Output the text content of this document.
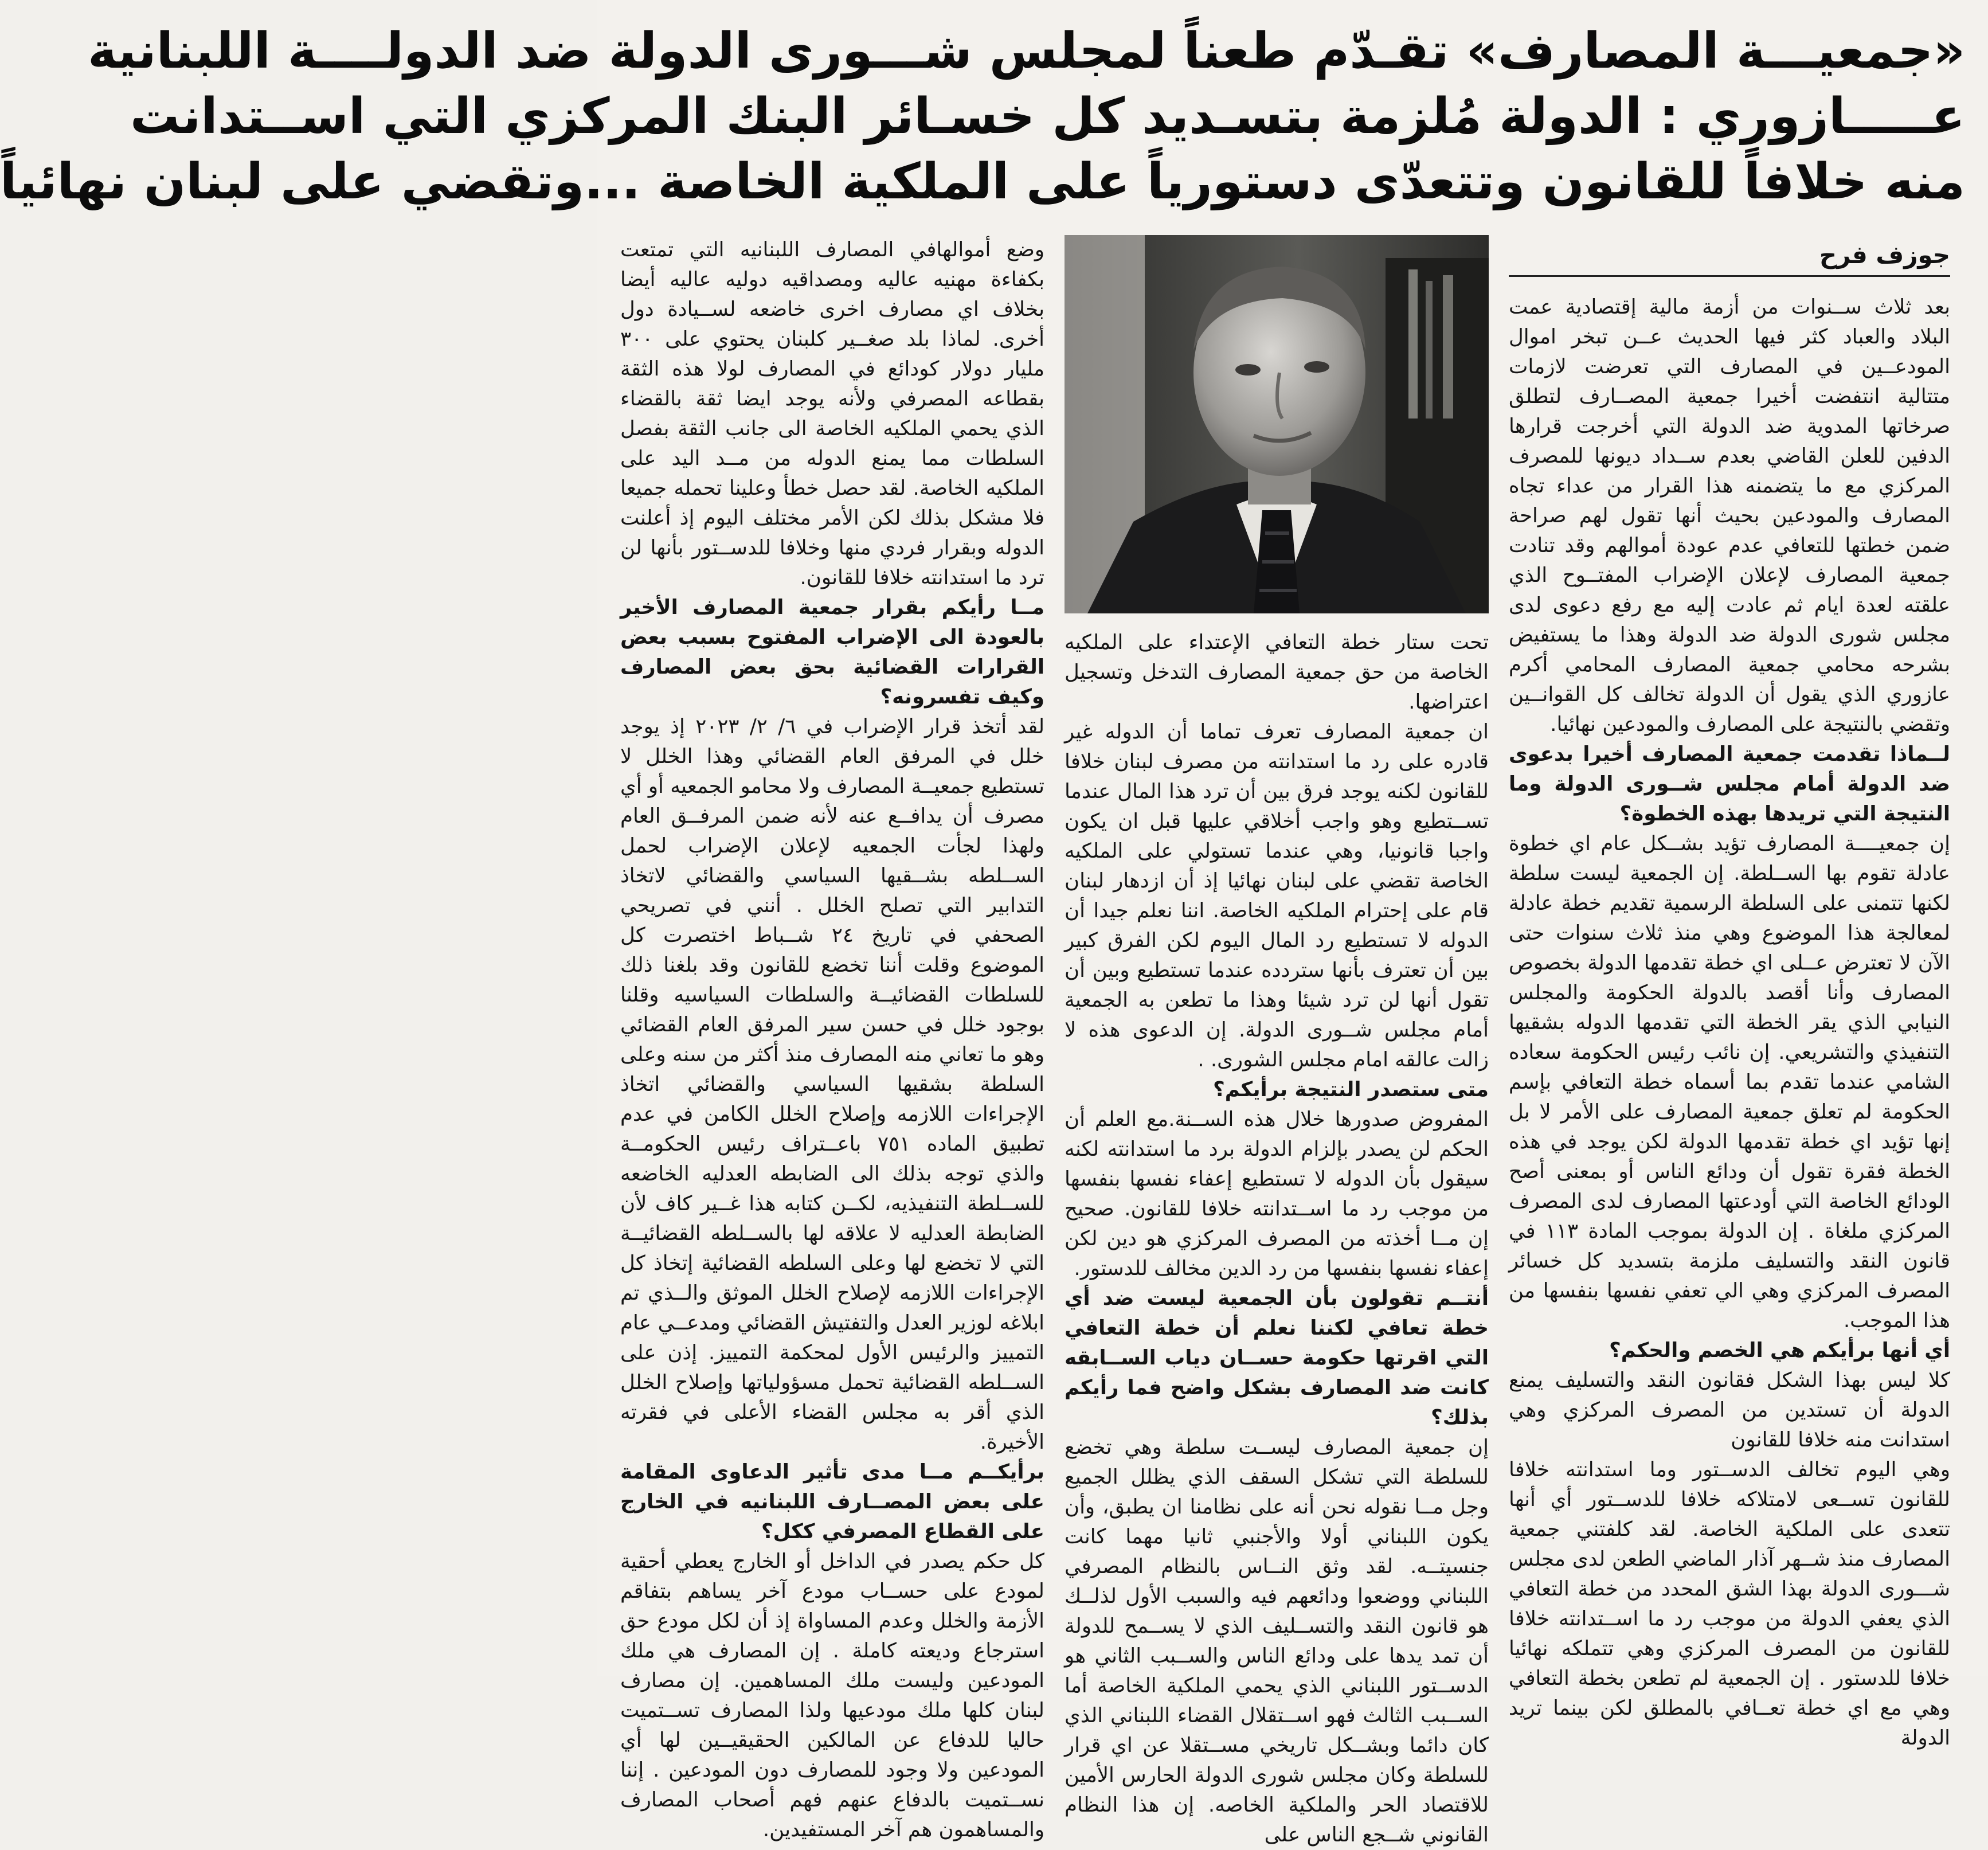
«جمعيـــة المصارف» تقـدّم طعناً لمجلس شـــورى الدولة ضد الدولــــة اللبنانية
عـــــازوري : الدولة مُلزمة بتسـديد كل خسـائر البنك المركزي التي اســتدانت
منه خلافاً للقانون وتتعدّى دستورياً على الملكية الخاصة ...وتقضي على لبنان نهائياً
جوزف فرح

بعد ثلاث ســنوات من أزمة مالية إقتصادية عمت البلاد والعباد كثر فيها الحديث عــن تبخر اموال المودعــين في المصارف التي تعرضت لازمات متتالية انتفضت أخيرا جمعية المصــارف لتطلق صرخاتها المدوية ضد الدولة التي أخرجت قرارها الدفين للعلن القاضي بعدم ســداد ديونها للمصرف المركزي مع ما يتضمنه هذا القرار من عداء تجاه المصارف والمودعين بحيث أنها تقول لهم صراحة ضمن خطتها للتعافي عدم عودة أموالهم وقد تنادت جمعية المصارف لإعلان الإضراب المفتــوح الذي علقته لعدة ايام ثم عادت إليه مع رفع دعوى لدى مجلس شورى الدولة ضد الدولة وهذا ما يستفيض بشرحه محامي جمعية المصارف المحامي أكرم عازوري الذي يقول أن الدولة تخالف كل القوانــين وتقضي بالنتيجة على المصارف والمودعين نهائيا.

لــماذا تقدمت جمعية المصارف أخيرا بدعوى ضد الدولة أمام مجلس شــورى الدولة وما النتيجة التي تريدها بهذه الخطوة؟

إن جمعيــــة المصارف تؤيد بشــكل عام اي خطوة عادلة تقوم بها الســلطة. إن الجمعية ليست سلطة لكنها تتمنى على السلطة الرسمية تقديم خطة عادلة لمعالجة هذا الموضوع وهي منذ ثلاث سنوات حتى الآن لا تعترض عــلى اي خطة تقدمها الدولة بخصوص المصارف وأنا أقصد بالدولة الحكومة والمجلس النيابي الذي يقر الخطة التي تقدمها الدوله بشقيها التنفيذي والتشريعي. إن نائب رئيس الحكومة سعاده الشامي عندما تقدم بما أسماه خطة التعافي بإسم الحكومة لم تعلق جمعية المصارف على الأمر لا بل إنها تؤيد اي خطة تقدمها الدولة لكن يوجد في هذه الخطة فقرة تقول أن ودائع الناس أو بمعنى أصح الودائع الخاصة التي أودعتها المصارف لدى المصرف المركزي ملغاة . إن الدولة بموجب المادة ١١٣ في قانون النقد والتسليف ملزمة بتسديد كل خسائر المصرف المركزي وهي الي تعفي نفسها بنفسها من هذا الموجب.

أي أنها برأيكم هي الخصم والحكم؟

كلا ليس بهذا الشكل فقانون النقد والتسليف يمنع الدولة أن تستدين من المصرف المركزي وهي استدانت منه خلافا للقانون

وهي اليوم تخالف الدســتور وما استدانته خلافا للقانون تســعى لامتلاكه خلافا للدســتور أي أنها تتعدى على الملكية الخاصة. لقد كلفتني جمعية المصارف منذ شــهر آذار الماضي الطعن لدى مجلس شـــورى الدولة بهذا الشق المحدد من خطة التعافي الذي يعفي الدولة من موجب رد ما اســتدانته خلافا للقانون من المصرف المركزي وهي تتملكه نهائيا خلافا للدستور . إن الجمعية لم تطعن بخطة التعافي وهي مع اي خطة تعــافي بالمطلق لكن بينما تريد الدولة

تحت ستار خطة التعافي الإعتداء على الملكيه الخاصة من حق جمعية المصارف التدخل وتسجيل اعتراضها.

ان جمعية المصارف تعرف تماما أن الدوله غير قادره على رد ما استدانته من مصرف لبنان خلافا للقانون لكنه يوجد فرق بين أن ترد هذا المال عندما تســتطيع وهو واجب أخلاقي عليها قبل ان يكون واجبا قانونيا، وهي عندما تستولي على الملكيه الخاصة تقضي على لبنان نهائيا إذ أن ازدهار لبنان قام على إحترام الملكيه الخاصة. اننا نعلم جيدا أن الدوله لا تستطيع رد المال اليوم لكن الفرق كبير بين أن تعترف بأنها ستردده عندما تستطيع وبين أن تقول أنها لن ترد شيئا وهذا ما تطعن به الجمعية أمام مجلس شــورى الدولة. إن الدعوى هذه لا زالت عالقه امام مجلس الشورى. .

متى ستصدر النتيجة برأيكم؟

المفروض صدورها خلال هذه الســنة.مع العلم أن الحكم لن يصدر بإلزام الدولة برد ما استدانته لكنه سيقول بأن الدوله لا تستطيع إعفاء نفسها بنفسها من موجب رد ما اســتدانته خلافا للقانون. صحيح إن مــا أخذته من المصرف المركزي هو دين لكن إعفاء نفسها بنفسها من رد الدين مخالف للدستور.

أنتــم تقولون بأن الجمعية ليست ضد أي خطة تعافي لكننا نعلم أن خطة التعافي التي اقرتها حكومة حســان دياب الســابقه كانت ضد المصارف بشكل واضح فما رأيكم بذلك؟

إن جمعية المصارف ليســت سلطة وهي تخضع للسلطة التي تشكل السقف الذي يظلل الجميع وجل مــا نقوله نحن أنه على نظامنا ان يطبق، وأن يكون اللبناني أولا والأجنبي ثانيا مهما كانت جنسيتــه. لقد وثق النــاس بالنظام المصرفي اللبناني ووضعوا ودائعهم فيه والسبب الأول لذلــك هو قانون النقد والتســليف الذي لا يســمح للدولة أن تمد يدها على ودائع الناس والســبب الثاني هو الدســتور اللبناني الذي يحمي الملكية الخاصة أما الســبب الثالث فهو اســتقلال القضاء اللبناني الذي كان دائما وبشــكل تاريخي مســتقلا عن اي قرار للسلطة وكان مجلس شورى الدولة الحارس الأمين للاقتصاد الحر والملكية الخاصه. إن هذا النظام القانوني شــجع الناس على

وضع أموالهافي المصارف اللبنانيه التي تمتعت بكفاءة مهنيه عاليه ومصداقيه دوليه عاليه أيضا بخلاف اي مصارف اخرى خاضعه لســيادة دول أخرى. لماذا بلد صغــير كلبنان يحتوي على ٣٠٠ مليار دولار كودائع في المصارف لولا هذه الثقة بقطاعه المصرفي ولأنه يوجد ايضا ثقة بالقضاء الذي يحمي الملكيه الخاصة الى جانب الثقة بفصل السلطات مما يمنع الدوله من مــد اليد على الملكيه الخاصة. لقد حصل خطأ وعلينا تحمله جميعا فلا مشكل بذلك لكن الأمر مختلف اليوم إذ أعلنت الدوله وبقرار فردي منها وخلافا للدســتور بأنها لن ترد ما استدانته خلافا للقانون.

مــا رأيكم بقرار جمعية المصارف الأخير بالعودة الى الإضراب المفتوح بسبب بعض القرارات القضائية بحق بعض المصارف وكيف تفسرونه؟

لقد أتخذ قرار الإضراب في ٦/ ٢/ ٢٠٢٣ إذ يوجد خلل في المرفق العام القضائي وهذا الخلل لا تستطيع جمعيــة المصارف ولا محامو الجمعيه أو أي مصرف أن يدافــع عنه لأنه ضمن المرفــق العام ولهذا لجأت الجمعيه لإعلان الإضراب لحمل الســلطه بشــقيها السياسي والقضائي لاتخاذ التدابير التي تصلح الخلل . أنني في تصريحي الصحفي في تاريخ ٢٤ شــباط اختصرت كل الموضوع وقلت أننا تخضع للقانون وقد بلغنا ذلك للسلطات القضائيــة والسلطات السياسيه وقلنا بوجود خلل في حسن سير المرفق العام القضائي وهو ما تعاني منه المصارف منذ أكثر من سنه وعلى السلطة بشقيها السياسي والقضائي اتخاذ الإجراءات اللازمه وإصلاح الخلل الكامن في عدم تطبيق الماده ٧٥١ باعــتراف رئيس الحكومــة والذي توجه بذلك الى الضابطه العدليه الخاضعه للســلطة التنفيذيه، لكــن كتابه هذا غــير كاف لأن الضابطة العدليه لا علاقه لها بالســلطه القضائيــة التي لا تخضع لها وعلى السلطه القضائية إتخاذ كل الإجراءات اللازمه لإصلاح الخلل الموثق والــذي تم ابلاغه لوزير العدل والتفتيش القضائي ومدعــي عام التمييز والرئيس الأول لمحكمة التمييز. إذن على الســلطه القضائية تحمل مسؤولياتها وإصلاح الخلل الذي أقر به مجلس القضاء الأعلى في فقرته الأخيرة.

برأيكــم مــا مدى تأثير الدعاوى المقامة على بعض المصــارف اللبنانيه في الخارج على القطاع المصرفي ككل؟

كل حكم يصدر في الداخل أو الخارج يعطي أحقية لمودع على حســاب مودع آخر يساهم بتفاقم الأزمة والخلل وعدم المساواة إذ أن لكل مودع حق استرجاع وديعته كاملة . إن المصارف هي ملك المودعين وليست ملك المساهمين. إن مصارف لبنان كلها ملك مودعيها ولذا المصارف تســتميت حاليا للدفاع عن المالكين الحقيقيــين لها أي المودعين ولا وجود للمصارف دون المودعين . إننا نســتميت بالدفاع عنهم فهم أصحاب المصارف والمساهمون هم آخر المستفيدين.
